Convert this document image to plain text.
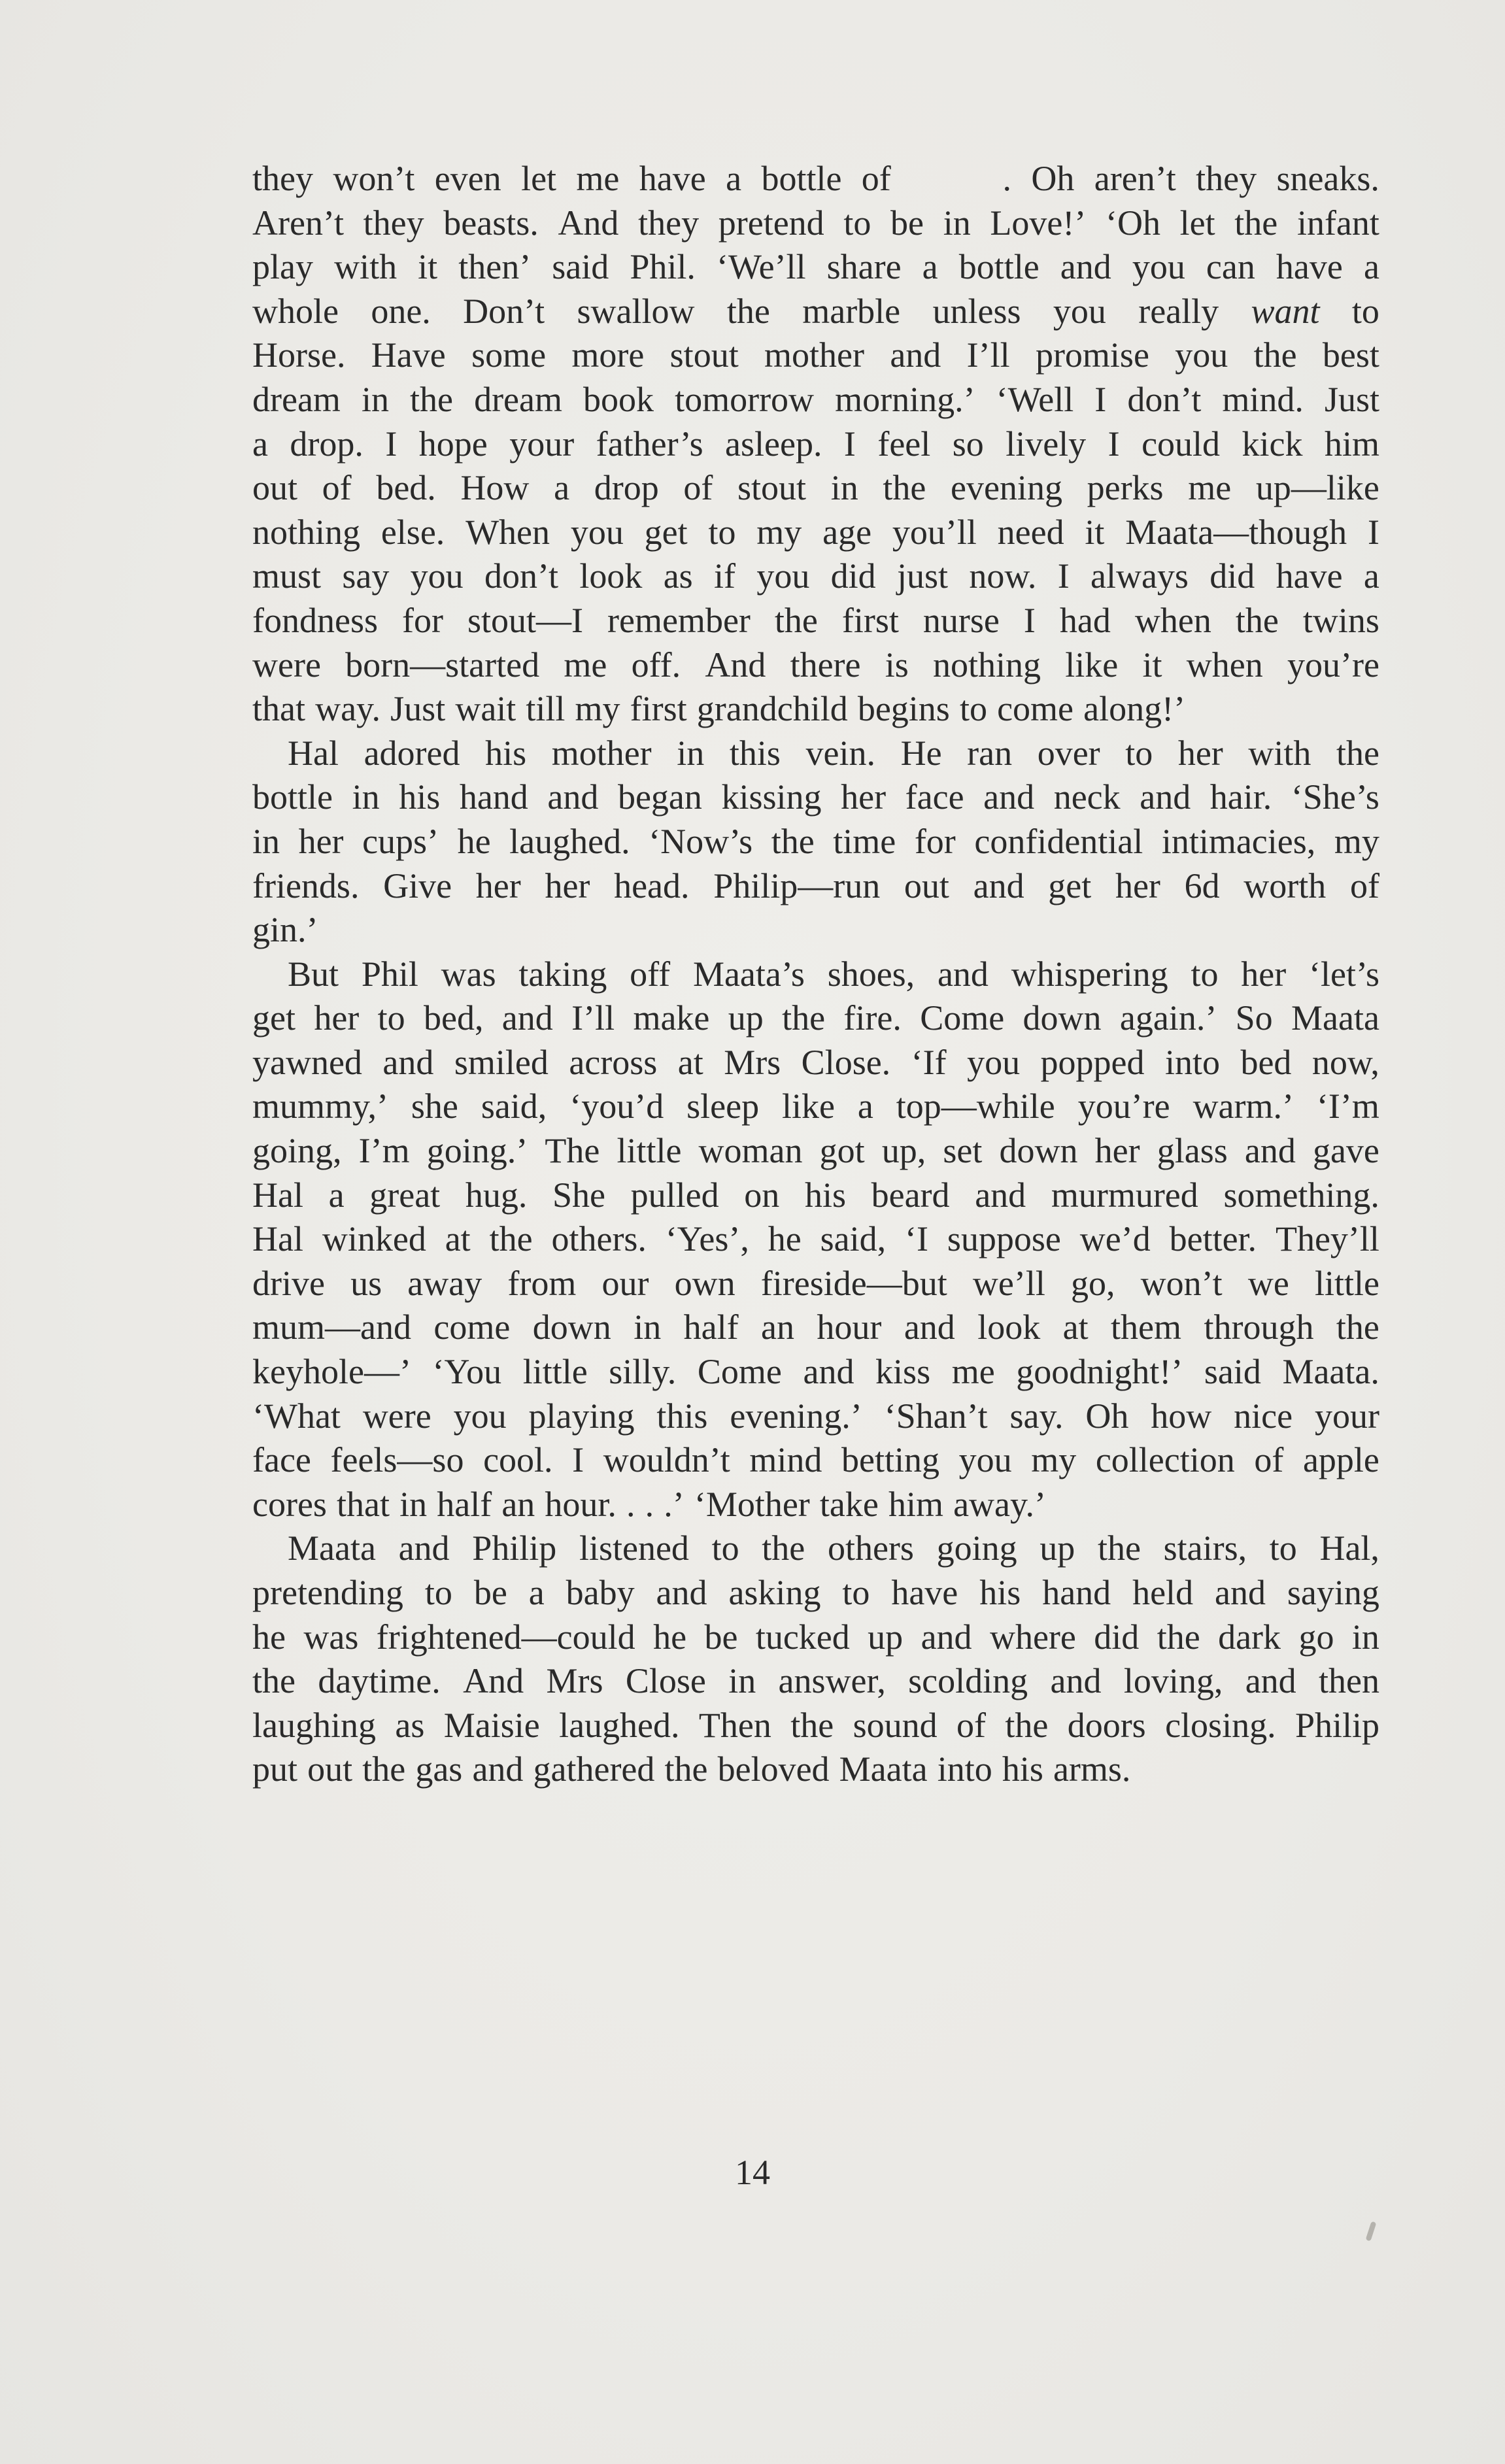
they won’t even let me have a bottle of	. Oh aren’t they sneaks.
Aren’t they beasts. And they pretend to be in Love!’ ‘Oh let the infant
play with it then’ said Phil. ‘We’ll share a bottle and you can have a
whole one. Don’t swallow the marble unless you really want to
Horse. Have some more stout mother and I’ll promise you the best
dream in the dream book tomorrow morning.’ ‘Well I don’t mind. Just
a drop. I hope your father’s asleep. I feel so lively I could kick him
out of bed. How a drop of stout in the evening perks me up—like
nothing else. When you get to my age you’ll need it Maata—though I
must say you don’t look as if you did just now. I always did have a
fondness for stout—I remember the first nurse I had when the twins
were born—started me off. And there is nothing like it when you’re
that way. Just wait till my first grandchild begins to come along!’
Hal adored his mother in this vein. He ran over to her with the
bottle in his hand and began kissing her face and neck and hair. ‘She’s
in her cups’ he laughed. ‘Now’s the time for confidential intimacies, my
friends. Give her her head. Philip—run out and get her 6d worth of
gin.’
But Phil was taking off Maata’s shoes, and whispering to her ‘let’s
get her to bed, and I’ll make up the fire. Come down again.’ So Maata
yawned and smiled across at Mrs Close. ‘If you popped into bed now,
mummy,’ she said, ‘you’d sleep like a top—while you’re warm.’ ‘I’m
going, I’m going.’ The little woman got up, set down her glass and gave
Hal a great hug. She pulled on his beard and murmured something.
Hal winked at the others. ‘Yes’, he said, ‘I suppose we’d better. They’ll
drive us away from our own fireside—but we’ll go, won’t we little
mum—and come down in half an hour and look at them through the
keyhole—’ ‘You little silly. Come and kiss me goodnight!’ said Maata.
‘What were you playing this evening.’ ‘Shan’t say. Oh how nice your
face feels—so cool. I wouldn’t mind betting you my collection of apple
cores that in half an hour. . . .’ ‘Mother take him away.’
Maata and Philip listened to the others going up the stairs, to Hal,
pretending to be a baby and asking to have his hand held and saying
he was frightened—could he be tucked up and where did the dark go in
the daytime. And Mrs Close in answer, scolding and loving, and then
laughing as Maisie laughed. Then the sound of the doors closing. Philip
put out the gas and gathered the beloved Maata into his arms.
14
